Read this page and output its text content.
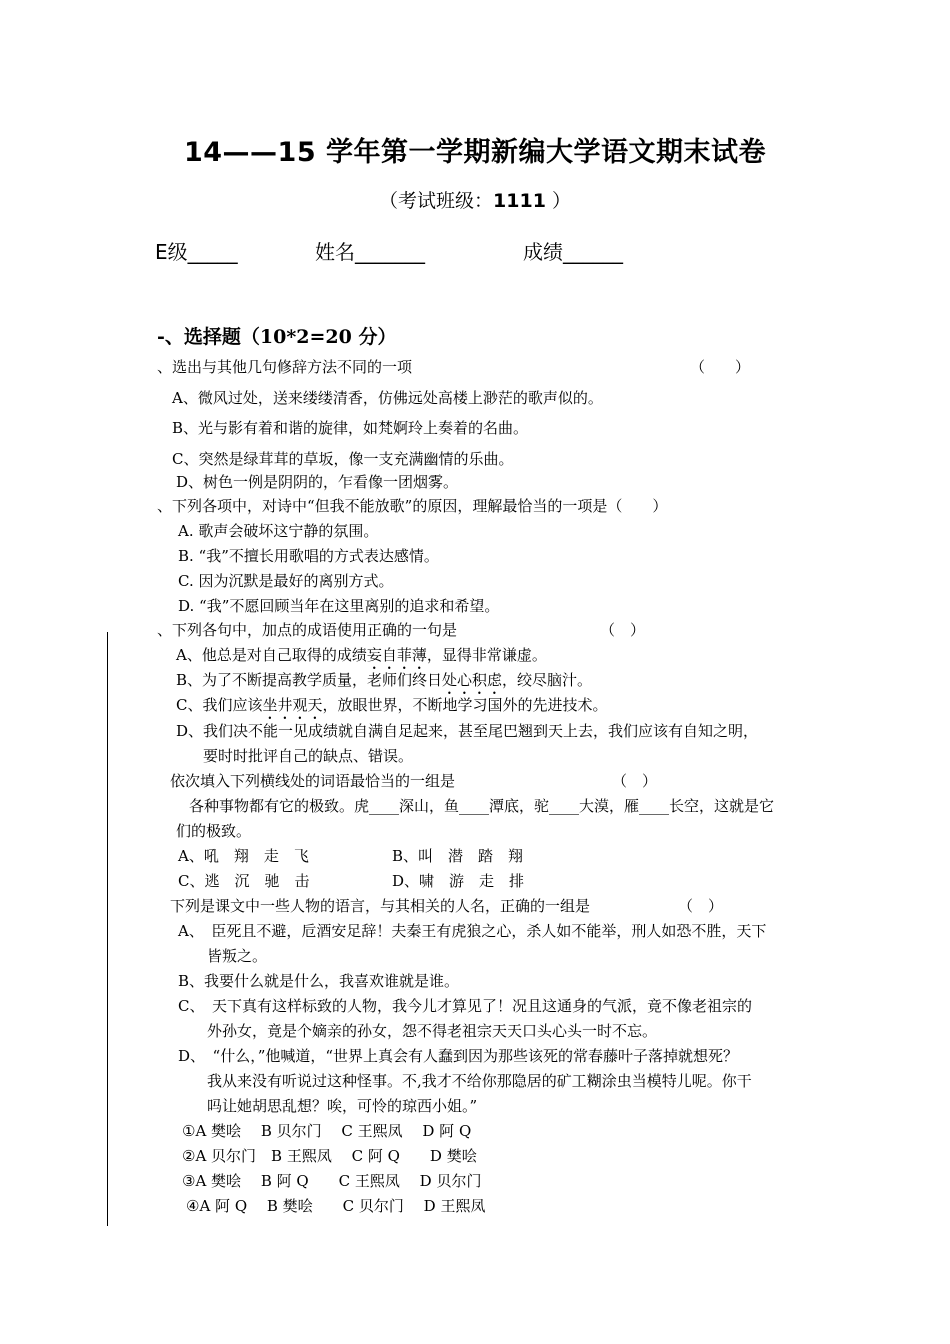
14——15 学年第一学期新编大学语文期末试卷
（考试班级：1111 ）
E级_____	姓名_______	成绩______
-、选择题（10*2=20 分）
、选出与其他几句修辞方法不同的一项	（　　）
A、微风过处，送来缕缕清香，仿佛远处高楼上渺茫的歌声似的。
B、光与影有着和谐的旋律，如梵婀玲上奏着的名曲。
C、突然是绿茸茸的草坂，像一支充满幽情的乐曲。
D、树色一例是阴阴的，乍看像一团烟雾。
、下列各项中，对诗中“但我不能放歌”的原因，理解最恰当的一项是（　　）
A. 歌声会破坏这宁静的氛围。
B. “我”不擅长用歌唱的方式表达感情。
C. 因为沉默是最好的离别方式。
D. “我”不愿回顾当年在这里离别的追求和希望。
、下列各句中，加点的成语使用正确的一句是	（　）
A、他总是对自己取得的成绩妄自菲薄，显得非常谦虚。
B、为了不断提高教学质量，老师们终日处心积虑，绞尽脑汁。
C、我们应该坐井观天，放眼世界，不断地学习国外的先进技术。
D、我们决不能一见成绩就自满自足起来，甚至尾巴翘到天上去，我们应该有自知之明，
要时时批评自己的缺点、错误。
依次填入下列横线处的词语最恰当的一组是	（　）
各种事物都有它的极致。虎____深山，鱼____潭底，驼____大漠，雁____长空，这就是它
们的极致。
A、吼　翔　走　飞	B、叫　潜　踏　翔
C、逃　沉　驰　击	D、啸　游　走　排
下列是课文中一些人物的语言，与其相关的人名，正确的一组是	（　）
A、　臣死且不避，卮酒安足辞！夫秦王有虎狼之心，杀人如不能举，刑人如恐不胜，天下
皆叛之。
B、我要什么就是什么，我喜欢谁就是谁。
C、　天下真有这样标致的人物，我今儿才算见了！况且这通身的气派，竟不像老祖宗的
外孙女，竟是个嫡亲的孙女，怨不得老祖宗天天口头心头一时不忘。
D、　“什么，”他喊道，“世界上真会有人蠢到因为那些该死的常春藤叶子落掉就想死？
我从来没有听说过这种怪事。不,我才不给你那隐居的矿工糊涂虫当模特儿呢。你干
吗让她胡思乱想？唉，可怜的琼西小姐。”
①A 樊哙　 B 贝尔门　 C 王熙凤　 D 阿 Q
②A 贝尔门　B 王熙凤　 C 阿 Q　　D 樊哙
③A 樊哙　 B 阿 Q　　C 王熙凤　 D 贝尔门
④A 阿 Q　 B 樊哙　　C 贝尔门　 D 王熙凤
